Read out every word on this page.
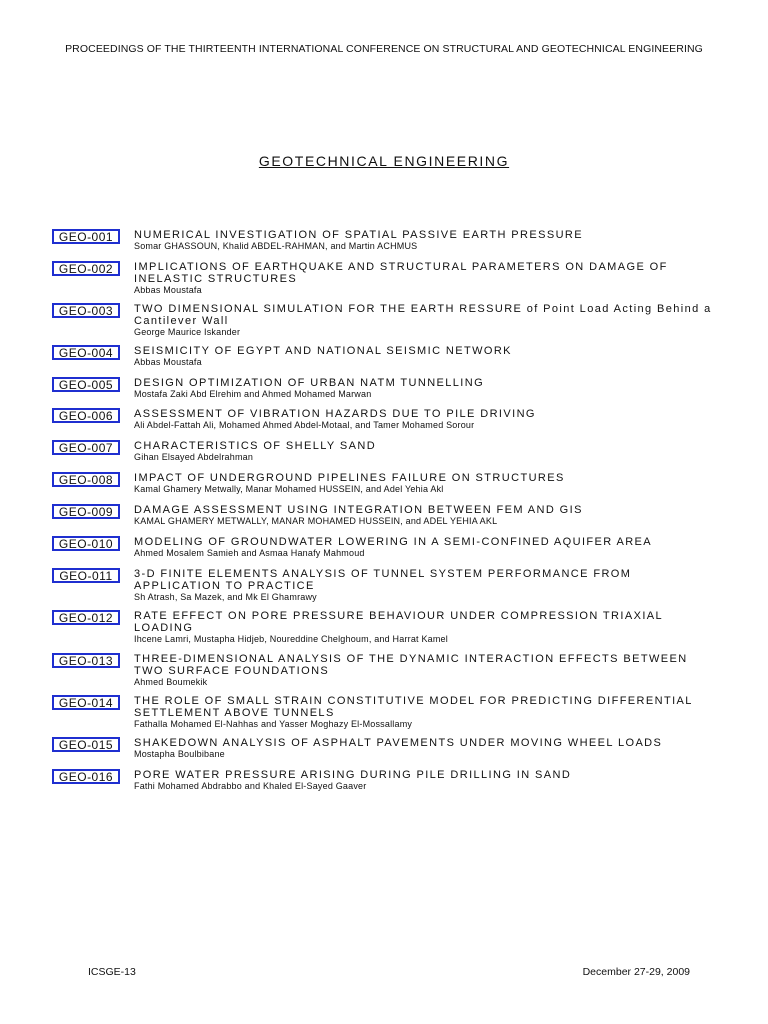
PROCEEDINGS OF THE THIRTEENTH INTERNATIONAL CONFERENCE ON STRUCTURAL AND GEOTECHNICAL ENGINEERING
GEOTECHNICAL ENGINEERING
GEO-001	NUMERICAL INVESTIGATION OF SPATIAL PASSIVE EARTH PRESSURE
Somar GHASSOUN, Khalid ABDEL-RAHMAN, and Martin ACHMUS
GEO-002	IMPLICATIONS OF EARTHQUAKE AND STRUCTURAL PARAMETERS ON DAMAGE OF INELASTIC STRUCTURES
Abbas Moustafa
GEO-003	TWO DIMENSIONAL SIMULATION FOR THE EARTH RESSURE of Point Load Acting Behind a Cantilever Wall
George Maurice Iskander
GEO-004	SEISMICITY OF EGYPT AND NATIONAL SEISMIC NETWORK
Abbas Moustafa
GEO-005	DESIGN OPTIMIZATION OF URBAN NATM TUNNELLING
Mostafa Zaki Abd Elrehim and Ahmed Mohamed Marwan
GEO-006	ASSESSMENT OF VIBRATION HAZARDS DUE TO PILE DRIVING
Ali Abdel-Fattah Ali, Mohamed Ahmed Abdel-Motaal, and Tamer Mohamed Sorour
GEO-007	CHARACTERISTICS OF SHELLY SAND
Gihan Elsayed Abdelrahman
GEO-008	IMPACT OF UNDERGROUND PIPELINES FAILURE ON STRUCTURES
Kamal Ghamery Metwally, Manar Mohamed HUSSEIN, and Adel Yehia Akl
GEO-009	DAMAGE ASSESSMENT USING INTEGRATION BETWEEN FEM AND GIS
KAMAL GHAMERY METWALLY, MANAR MOHAMED HUSSEIN, and ADEL YEHIA AKL
GEO-010	MODELING OF GROUNDWATER LOWERING IN A SEMI-CONFINED AQUIFER AREA
Ahmed Mosalem Samieh and Asmaa Hanafy Mahmoud
GEO-011	3-D FINITE ELEMENTS ANALYSIS OF TUNNEL SYSTEM PERFORMANCE FROM APPLICATION TO PRACTICE
Sh Atrash, Sa Mazek, and Mk El Ghamrawy
GEO-012	RATE EFFECT ON PORE PRESSURE BEHAVIOUR UNDER COMPRESSION TRIAXIAL LOADING
Ihcene Lamri, Mustapha Hidjeb, Noureddine Chelghoum, and Harrat Kamel
GEO-013	THREE-DIMENSIONAL ANALYSIS OF THE DYNAMIC INTERACTION EFFECTS BETWEEN TWO SURFACE FOUNDATIONS
Ahmed Boumekik
GEO-014	THE ROLE OF SMALL STRAIN CONSTITUTIVE MODEL FOR PREDICTING DIFFERENTIAL SETTLEMENT ABOVE TUNNELS
Fathalla Mohamed El-Nahhas and Yasser Moghazy El-Mossallamy
GEO-015	SHAKEDOWN ANALYSIS OF ASPHALT PAVEMENTS UNDER MOVING WHEEL LOADS
Mostapha Boulbibane
GEO-016	PORE WATER PRESSURE ARISING DURING PILE DRILLING IN SAND
Fathi Mohamed Abdrabbo and Khaled El-Sayed Gaaver
ICSGE-13	December 27-29, 2009
